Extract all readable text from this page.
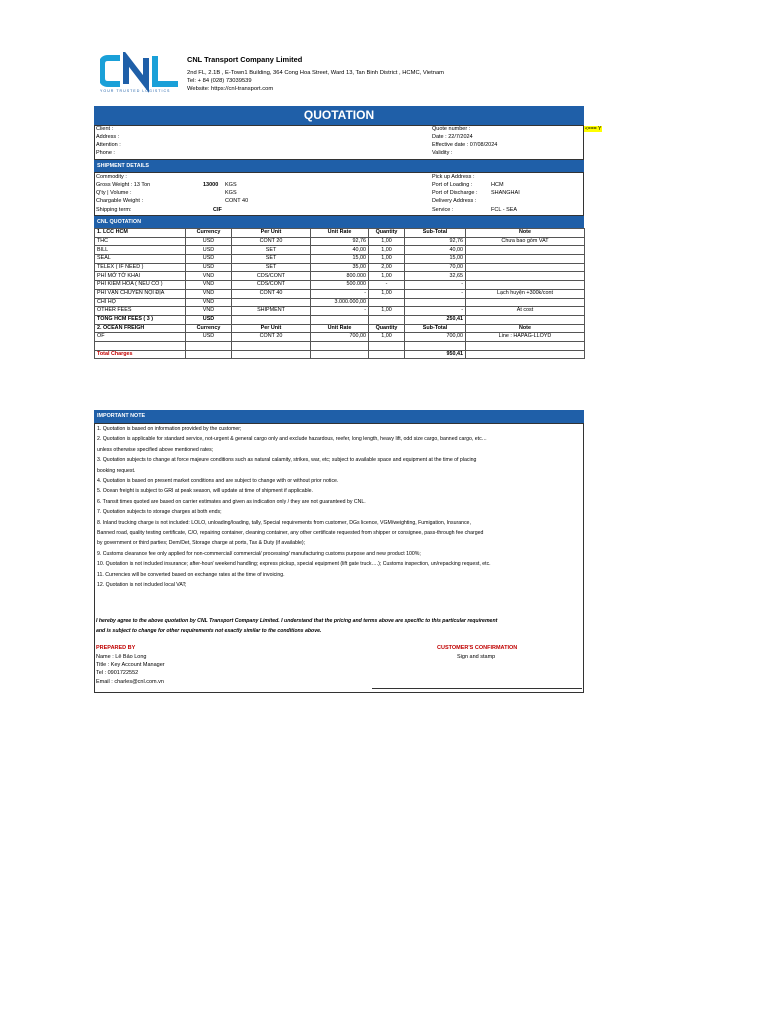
YOUR TRUSTED LOGISTICS
CNL Transport Company Limited
2nd FL, 2.1B , E-Town1 Building, 364 Cong Hoa Street, Ward 13, Tan Binh District , HCMC, Vietnam
Tel: + 84 (028) 73039539
Website: https://cnl-transport.com
QUOTATION
Client :
Address :
Attention :
Phone :
Quote number :
Date : 22/7/2024
Effective date : 07/08/2024
Validity :
<=== Y
SHIPMENT DETAILS
Commodity :
Gross Weight : 13 Ton	13000 KGS
Q'ty | Volume :	KGS
Chargable Weight :	CONT 40
Shipping term:	CIF
Pick up Address :
Port of Loading :	HCM
Port of Discharge : SHANGHAI
Delivery Address :
Service :	FCL - SEA
CNL QUOTATION
1. LCC HCM	Currency	Per Unit	Unit Rate	Quantity	Sub-Total	Note
THC	USD	CONT 20	92,76	1,00	92,76	Chưa bao gồm VAT
BILL	USD	SET	40,00	1,00	40,00	
SEAL	USD	SET	15,00	1,00	15,00	
TELEX ( IF NEED )	USD	SET	35,00	2,00	70,00	
PHÍ MỞ TỜ KHAI	VND	CDS/CONT	800.000	1,00	32,65	
PHÍ KIỂM HÓA ( NẾU CÓ )	VND	CDS/CONT	500.000	-	-	
PHÍ VẬN CHUYỂN NỘI ĐỊA	VND	CONT 40	-	1,00	-	Lạch huyện +300k/cont
CHI HỘ	VND		3.000.000,00			
OTHER FEES	VND	SHIPMENT	-	1,00	-	At cost
TỔNG HCM FEES ( 3 )	USD				250,41	
2. OCEAN FREIGH	Currency	Per Unit	Unit Rate	Quantity	Sub-Total	Note
OF	USD	CONT 20	700,00	1,00	700,00	Line : HAPAG-LLOYD

Total Charges					950,41	
IMPORTANT NOTE
1. Quotation is based on information provided by the customer;
2. Quotation is applicable for standard service, not-urgent & general cargo only and exclude hazardous, reefer, long length, heavy lift, odd size cargo, banned cargo, etc…
unless otherwise specified above mentioned rates;
3. Quotation subjects to change at force majeure conditions such as natural calamity, strikes, war, etc; subject to available space and equipment at the time of placing
booking request.
4. Quotation is based on present market conditions and are subject to change with or without prior notice.
5. Ocean freight is subject to GRI at peak season, will update at time of shipment if applicable.
6. Transit times quoted are based on carrier estimates and given as indication only / they are not guaranteed by CNL.
7. Quotation subjects to storage charges at both ends;
8. Inland trucking charge is not included: LOLO, unloading/loading, tally, Special requirements from customer, DGs licence, VGM/weighting, Fumigation, Insurance,
Banned road, quality testing certificate, C/O, repairing container, cleaning container, any other certificate requested from shipper or consignee, pass-through fee charged
by government or third parties; Dem/Det, Storage charge at ports, Tax & Duty (if available);
9. Customs clearance fee only applied for non-commercial/ commercial/ processing/ manufacturing customs purpose and new product 100%;
10. Quotation is not included insurance; after-hour/ weekend handling; express pickup, special equipment (lift gate truck….); Customs inspection, un/repacking request, etc.
11. Currencies will be converted based on exchange rates at the time of invoicing.
12. Quotation is not included local VAT;
I hereby agree to the above quotation by CNL Transport Company Limited. I understand that the pricing and terms above are specific to this particular requirement
and is subject to change for other requirements not exactly similar to the conditions above.
PREPARED BY
Name : Lê Bảo Long
Title : Key Account Manager
Tel : 0901722552
Email : charles@cnl.com.vn
CUSTOMER'S CONFIRMATION
Sign and stamp
